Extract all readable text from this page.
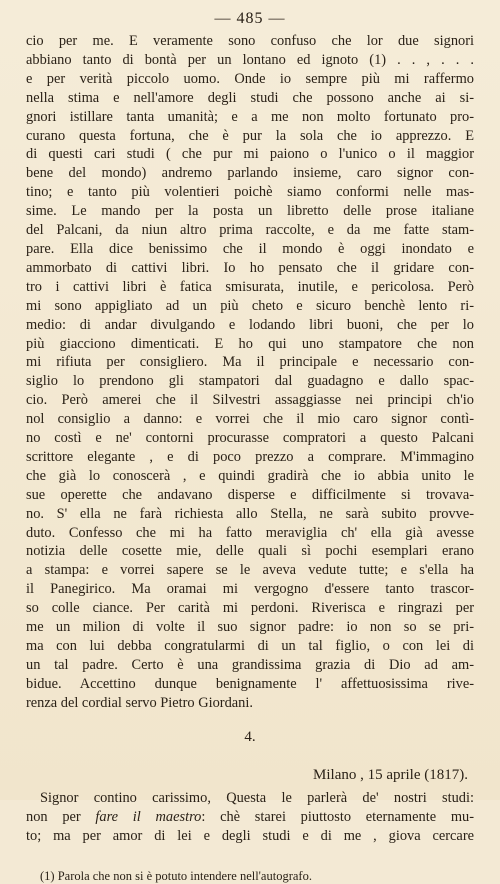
— 485 —
cio per me. E veramente sono confuso che lor due signori
abbiano tanto di bontà per un lontano ed ignoto (1) . . , . . .
e per verità piccolo uomo. Onde io sempre più mi raffermo
nella stima e nell'amore degli studi che possono anche ai si-
gnori istillare tanta umanità; e a me non molto fortunato pro-
curano questa fortuna, che è pur la sola che io apprezzo. E
di questi cari studi ( che pur mi paiono o l'unico o il maggior
bene del mondo) andremo parlando insieme, caro signor con-
tino; e tanto più volentieri poichè siamo conformi nelle mas-
sime. Le mando per la posta un libretto delle prose italiane
del Palcani, da niun altro prima raccolte, e da me fatte stam-
pare. Ella dice benissimo che il mondo è oggi inondato e
ammorbato di cattivi libri. Io ho pensato che il gridare con-
tro i cattivi libri è fatica smisurata, inutile, e pericolosa. Però
mi sono appigliato ad un più cheto e sicuro benchè lento ri-
medio: di andar divulgando e lodando libri buoni, che per lo
più giacciono dimenticati. E ho qui uno stampatore che non
mi rifiuta per consigliero. Ma il principale e necessario con-
siglio lo prendono gli stampatori dal guadagno e dallo spac-
cio. Però amerei che il Silvestri assaggiasse nei principi ch'io
nol consiglio a danno: e vorrei che il mio caro signor contì-
no costì e ne' contorni procurasse compratori a questo Palcani
scrittore elegante , e di poco prezzo a comprare. M'immagino
che già lo conoscerà , e quindi gradirà che io abbia unito le
sue operette che andavano disperse e difficilmente si trovava-
no. S' ella ne farà richiesta allo Stella, ne sarà subito provve-
duto. Confesso che mi ha fatto meraviglia ch' ella già avesse
notizia delle cosette mie, delle quali sì pochi esemplari erano
a stampa: e vorrei sapere se le aveva vedute tutte; e s'ella ha
il Panegirico. Ma oramai mi vergogno d'essere tanto trascor-
so colle ciance. Per carità mi perdoni. Riverisca e ringrazi per
me un milion di volte il suo signor padre: io non so se pri-
ma con lui debba congratularmi di un tal figlio, o con lei di
un tal padre. Certo è una grandissima grazia di Dio ad am-
bidue. Accettino dunque benignamente l' affettuosissima rive-
renza del cordial servo Pietro Giordani.
4.
Milano , 15 aprile (1817).
Signor contino carissimo, Questa le parlerà de' nostri studi:
non per fare il maestro: chè starei piuttosto eternamente mu-
to; ma per amor di lei e degli studi e di me , giova cercare
(1) Parola che non si è potuto intendere nell'autografo.
